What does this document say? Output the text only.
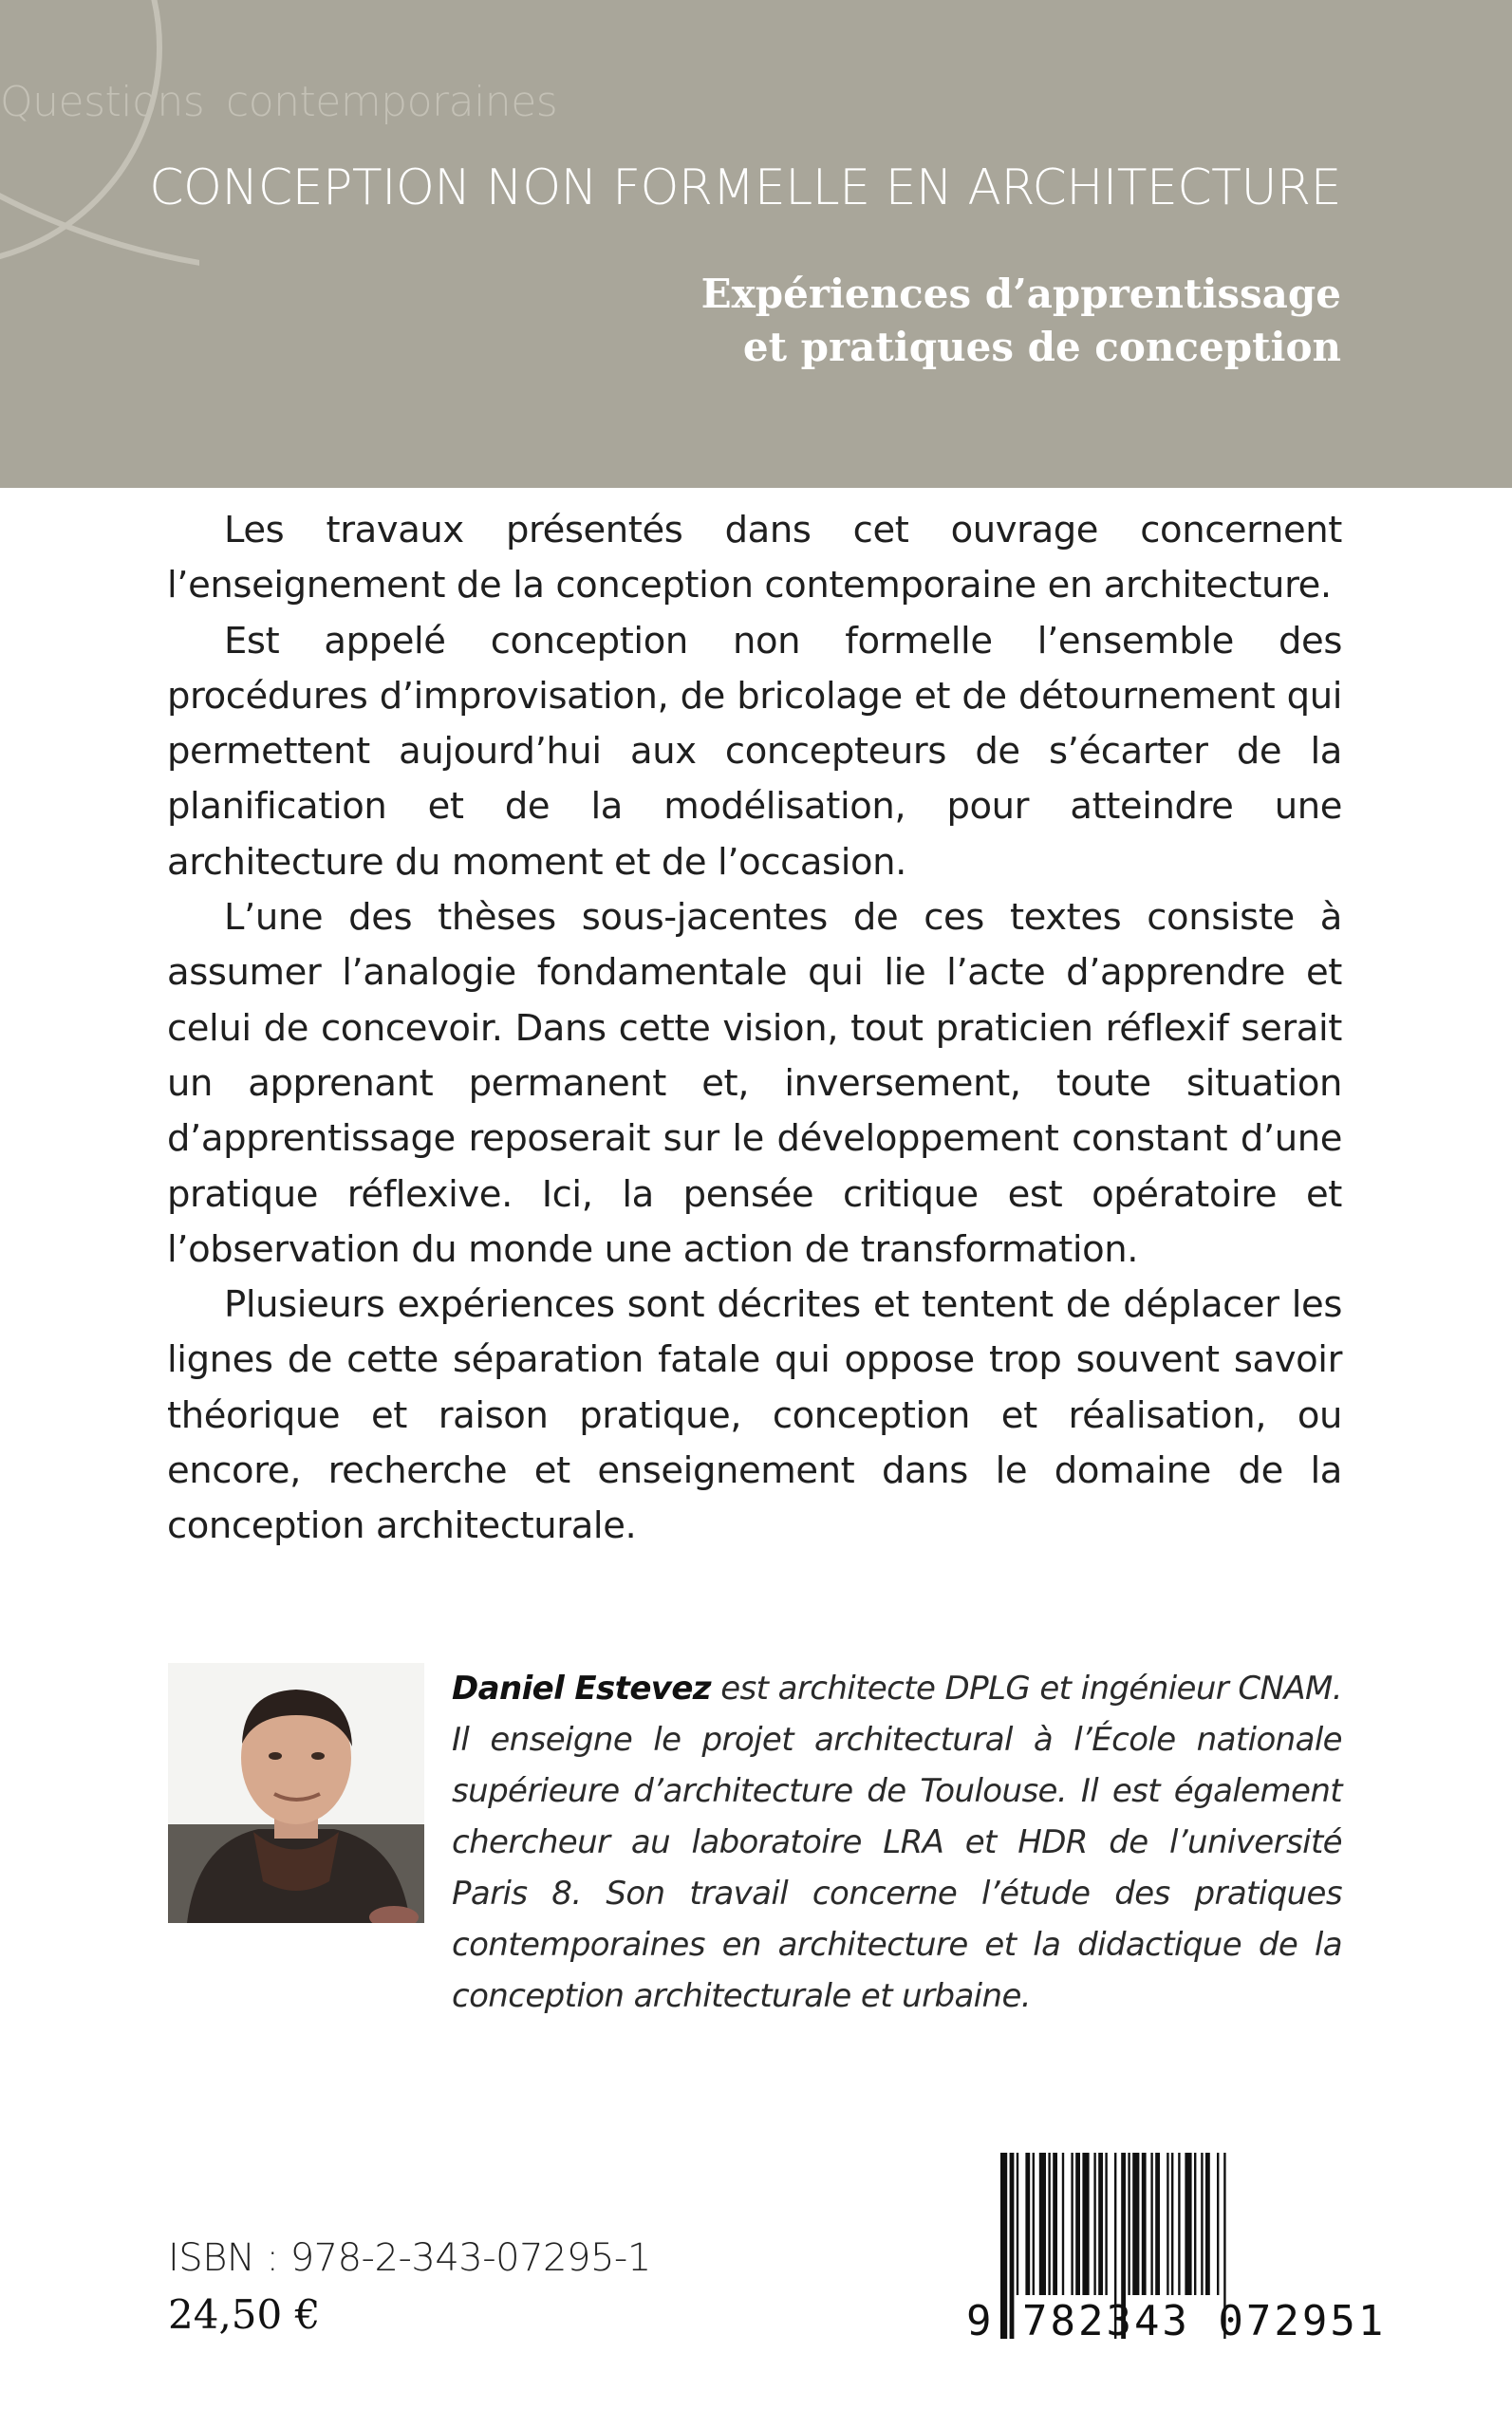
Questions contemporaines
CONCEPTION NON FORMELLE EN ARCHITECTURE
Expériences d’apprentissage
et pratiques de conception

Les travaux présentés dans cet ouvrage concernent l’enseignement de la conception contemporaine en architecture.

Est appelé conception non formelle l’ensemble des procédures d’improvisation, de bricolage et de détournement qui permettent aujourd’hui aux concepteurs de s’écarter de la planification et de la modélisation, pour atteindre une architecture du moment et de l’occasion.

L’une des thèses sous-jacentes de ces textes consiste à assumer l’analogie fondamentale qui lie l’acte d’apprendre et celui de concevoir. Dans cette vision, tout praticien réflexif serait un apprenant permanent et, inversement, toute situation d’apprentissage reposerait sur le développement constant d’une pratique réflexive. Ici, la pensée critique est opératoire et l’observation du monde une action de transformation.

Plusieurs expériences sont décrites et tentent de déplacer les lignes de cette séparation fatale qui oppose trop souvent savoir théorique et raison pratique, conception et réalisation, ou encore, recherche et enseignement dans le domaine de la conception architecturale.

Daniel Estevez est architecte DPLG et ingénieur CNAM. Il enseigne le projet architectural à l’École nationale supérieure d’architecture de Toulouse. Il est également chercheur au laboratoire LRA et HDR de l’université Paris 8. Son travail concerne l’étude des pratiques contemporaines en architecture et la didactique de la conception architecturale et urbaine.

ISBN : 978-2-343-07295-1
24,50 €	9 782343 072951
